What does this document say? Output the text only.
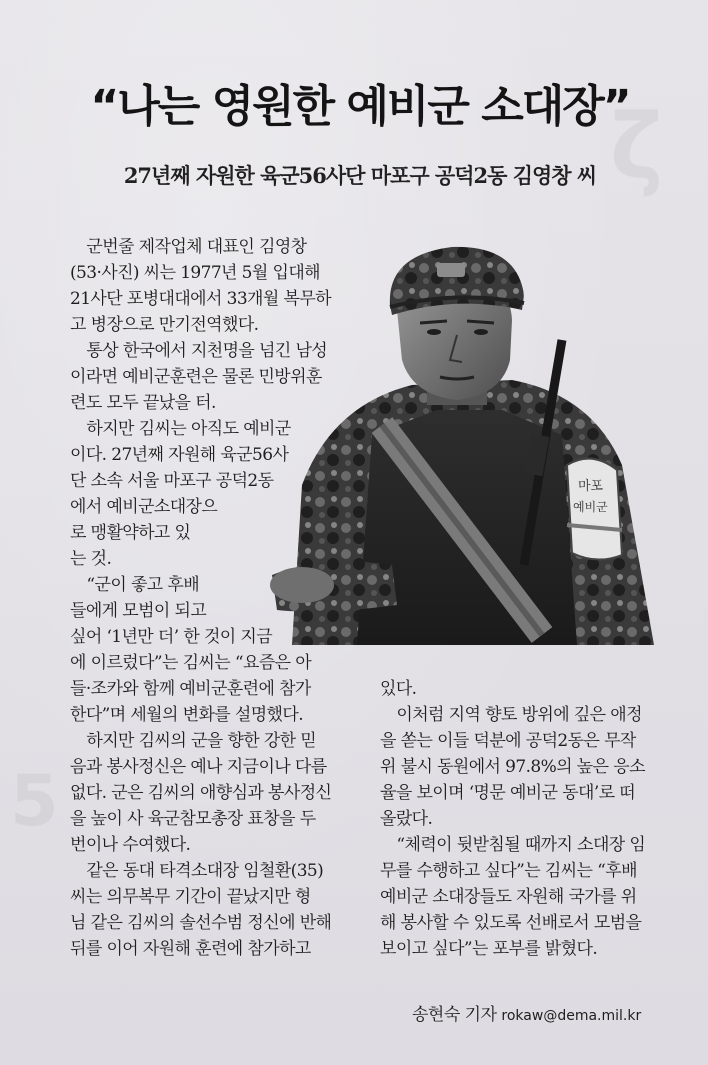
ζ
5
“나는 영원한 예비군 소대장”
27년째 자원한 육군56사단 마포구 공덕2동 김영창 씨

　군번줄 제작업체 대표인 김영창
(53·사진) 씨는 1977년 5월 입대해
21사단 포병대대에서 33개월 복무하
고 병장으로 만기전역했다.

　통상 한국에서 지천명을 넘긴 남성
이라면 예비군훈련은 물론 민방위훈
련도 모두 끝났을 터.

　하지만 김씨는 아직도 예비군
이다. 27년째 자원해 육군56사
단 소속 서울 마포구 공덕2동
에서 예비군소대장으
로 맹활약하고 있
는 것.

　“군이 좋고 후배
들에게 모범이 되고
싶어 ‘1년만 더’ 한 것이 지금
에 이르렀다”는 김씨는 “요즘은 아
들·조카와 함께 예비군훈련에 참가
한다”며 세월의 변화를 설명했다.

　하지만 김씨의 군을 향한 강한 믿
음과 봉사정신은 예나 지금이나 다름
없다. 군은 김씨의 애향심과 봉사정신
을 높이 사 육군참모총장 표창을 두
번이나 수여했다.

　같은 동대 타격소대장 임철환(35)
씨는 의무복무 기간이 끝났지만 형
님 같은 김씨의 솔선수범 정신에 반해
뒤를 이어 자원해 훈련에 참가하고

있다.

　이처럼 지역 향토 방위에 깊은 애정
을 쏟는 이들 덕분에 공덕2동은 무작
위 불시 동원에서 97.8%의 높은 응소
율을 보이며 ‘명문 예비군 동대’로 떠
올랐다.

　“체력이 뒷받침될 때까지 소대장 임
무를 수행하고 싶다”는 김씨는 “후배
예비군 소대장들도 자원해 국가를 위
해 봉사할 수 있도록 선배로서 모범을
보이고 싶다”는 포부를 밝혔다.

마포
예비군

송현숙 기자 rokaw@dema.mil.kr
